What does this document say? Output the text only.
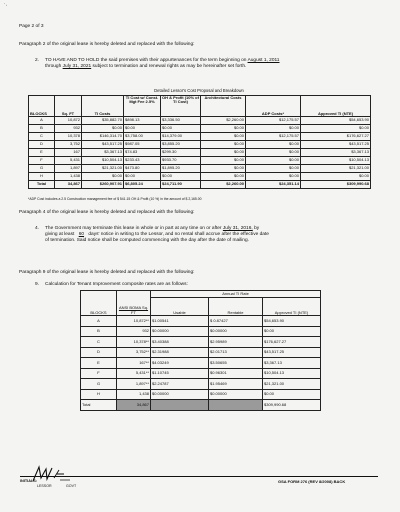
˙‧
Page 2 of 3
Paragraph 2 of the original lease is hereby deleted and replaced with the following:
2. TO HAVE AND TO HOLD the said premises with their appurtenances for the term beginning on August 1, 2011
through July 31, 2021 subject to termination and renewal rights as may be hereinafter set forth.
Detailed Lessor's Cost Proposal and Breakdown
BLOCKS	Sq. FT	TI Costs	TI Cost w/ Const. Mgt Fee 2.5%	OH & Profit (10% of TI Cost)	Architectural Costs	ADP Costs*	Approved TI (NTE)
A	10,872	$35,882.70	$898.13	$3,336.50	$2,260.00	$12,175.57	$54,653.90
B	932	$0.00	$0.00	$0.00	$0.00	$0.00	$0.00
C	10,378	$146,314.70	$3,758.00	$14,379.00	$0.00	$12,175.57	$176,627.27
D	3,752	$43,517.25	$987.05	$3,855.20	$0.00	$0.00	$43,517.25
E	167	$3,367.13	$74.83	$299.30	$0.00	$0.00	$3,367.13
F	5,431	$10,504.13	$233.43	$933.70	$0.00	$0.00	$10,504.13
G	1,897	$21,321.00	$473.80	$1,895.20	$0.00	$0.00	$21,321.00
H	1,438	$0.00	$0.00	$0.00	$0.00	$0.00	$0.00
Total	34,867	$260,907.91	$6,805.24	$24,711.90	$2,260.00	$24,351.14	$309,990.68
*ADP Cost includes a 2.5 Construction management fee of $ 541.15 OH & Profit (10 %) in the amount of $ 2,165.00
Paragraph 4 of the original lease is hereby deleted and replaced with the following:
4. The Government may terminate this lease in whole or in part at any time on or after July 31, 2016, by
giving at least 60 days' notice in writing to the Lessor, and no rental shall accrue after the effective date
of termination. Said notice shall be computed commencing with the day after the date of mailing.
Paragraph 9 of the original lease is hereby deleted and replaced with the following:
9. Calculation for Tenant Improvement composite rates are as follows:
		Annual TI Rate		
BLOCKS	ANSI BOMA Sq. FT	Usable	Rentable	Approved TI (NTE)
A	10,872**	$1.00541	$ 0.87427	$54,653.90
B	932	$0.00000	$0.00000	$0.00
C	10,378**	$3.40388	$2.95989	$176,627.27
D	3,752**	$2.31988	$2.01713	$43,517.25
E	167**	$4.03249	$3.50655	$3,367.13
F	5,431**	$1.10745	$0.96301	$10,504.13
G	1,897**	$2.24787	$1.95469	$21,321.00
H	1,438	$0.00000	$0.00000	$0.00
Total	34,867			$309,990.68
INITIALS:
LESSOR	GOVT
GSA FORM 276 (REV 8/2008) BACK
